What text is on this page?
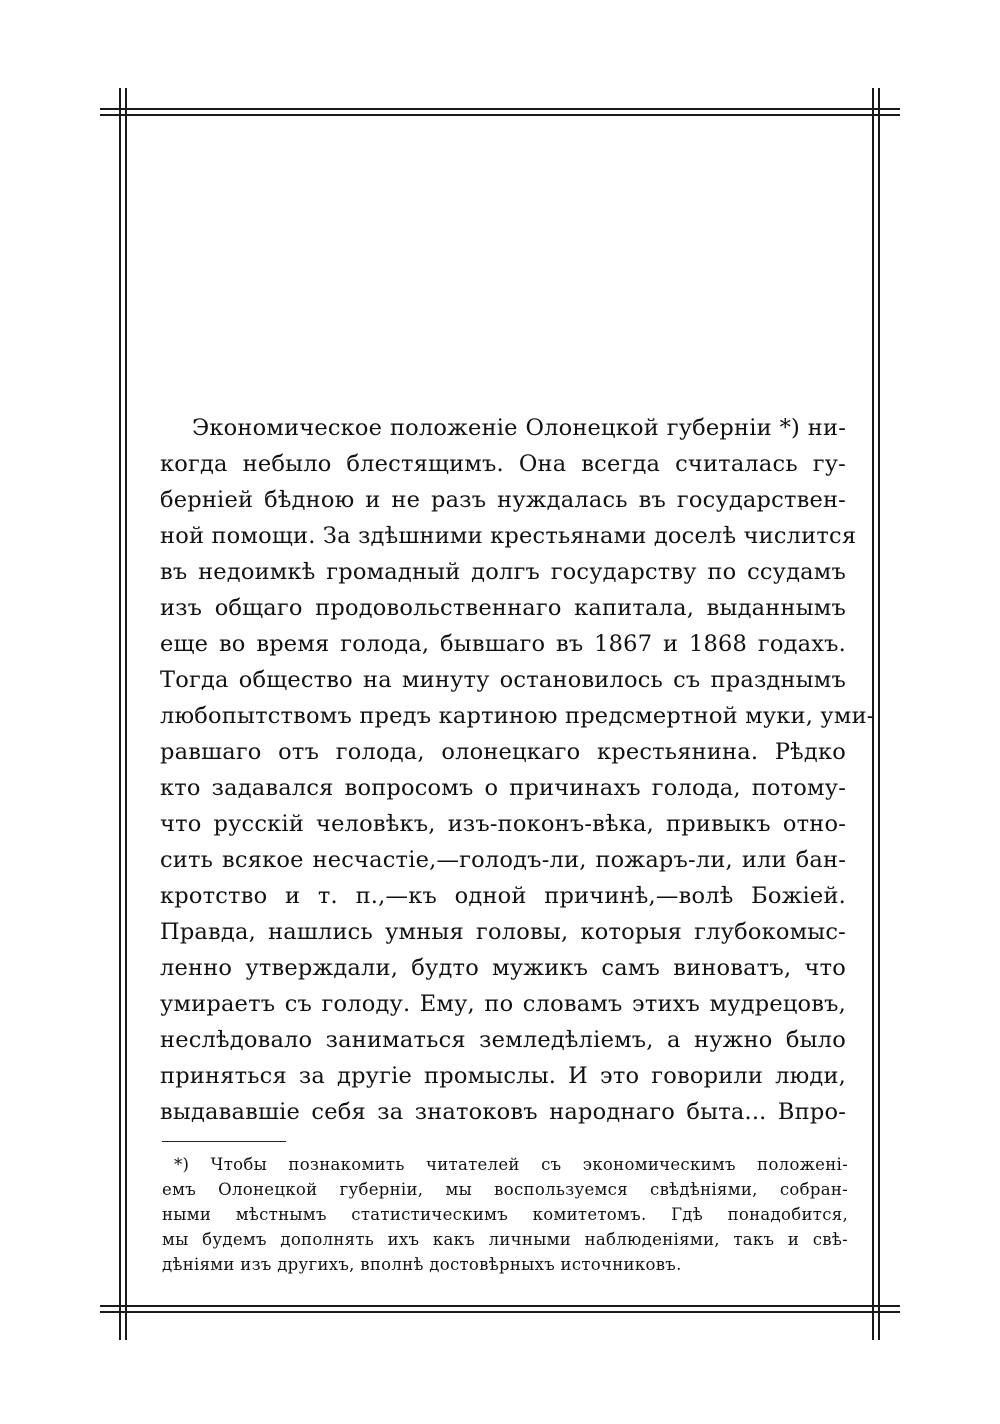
Экономическое положеніе Олонецкой губерніи *) ни-
когда небыло блестящимъ. Она всегда считалась гу-
берніей бѣдною и не разъ нуждалась въ государствен-
ной помощи. За здѣшними крестьянами доселѣ числится
въ недоимкѣ громадный долгъ государству по ссудамъ
изъ общаго продовольственнаго капитала, выданнымъ
еще во время голода, бывшаго въ 1867 и 1868 годахъ.
Тогда общество на минуту остановилось съ празднымъ
любопытствомъ предъ картиною предсмертной муки, уми-
равшаго отъ голода, олонецкаго крестьянина. Рѣдко
кто задавался вопросомъ о причинахъ голода, потому-
что русскій человѣкъ, изъ-поконъ-вѣка, привыкъ отно-
сить всякое несчастіе,—голодъ-ли, пожаръ-ли, или бан-
кротство и т. п.,—къ одной причинѣ,—волѣ Божіей.
Правда, нашлись умныя головы, которыя глубокомыс-
ленно утверждали, будто мужикъ самъ виноватъ, что
умираетъ съ голоду. Ему, по словамъ этихъ мудрецовъ,
неслѣдовало заниматься земледѣліемъ, а нужно было
приняться за другіе промыслы. И это говорили люди,
выдававшіе себя за знатоковъ народнаго быта... Впро-
*) Чтобы познакомить читателей съ экономическимъ положені-
емъ Олонецкой губерніи, мы воспользуемся свѣдѣніями, собран-
ными мѣстнымъ статистическимъ комитетомъ. Гдѣ понадобится,
мы будемъ дополнять ихъ какъ личными наблюденіями, такъ и свѣ-
дѣніями изъ другихъ, вполнѣ достовѣрныхъ источниковъ.
